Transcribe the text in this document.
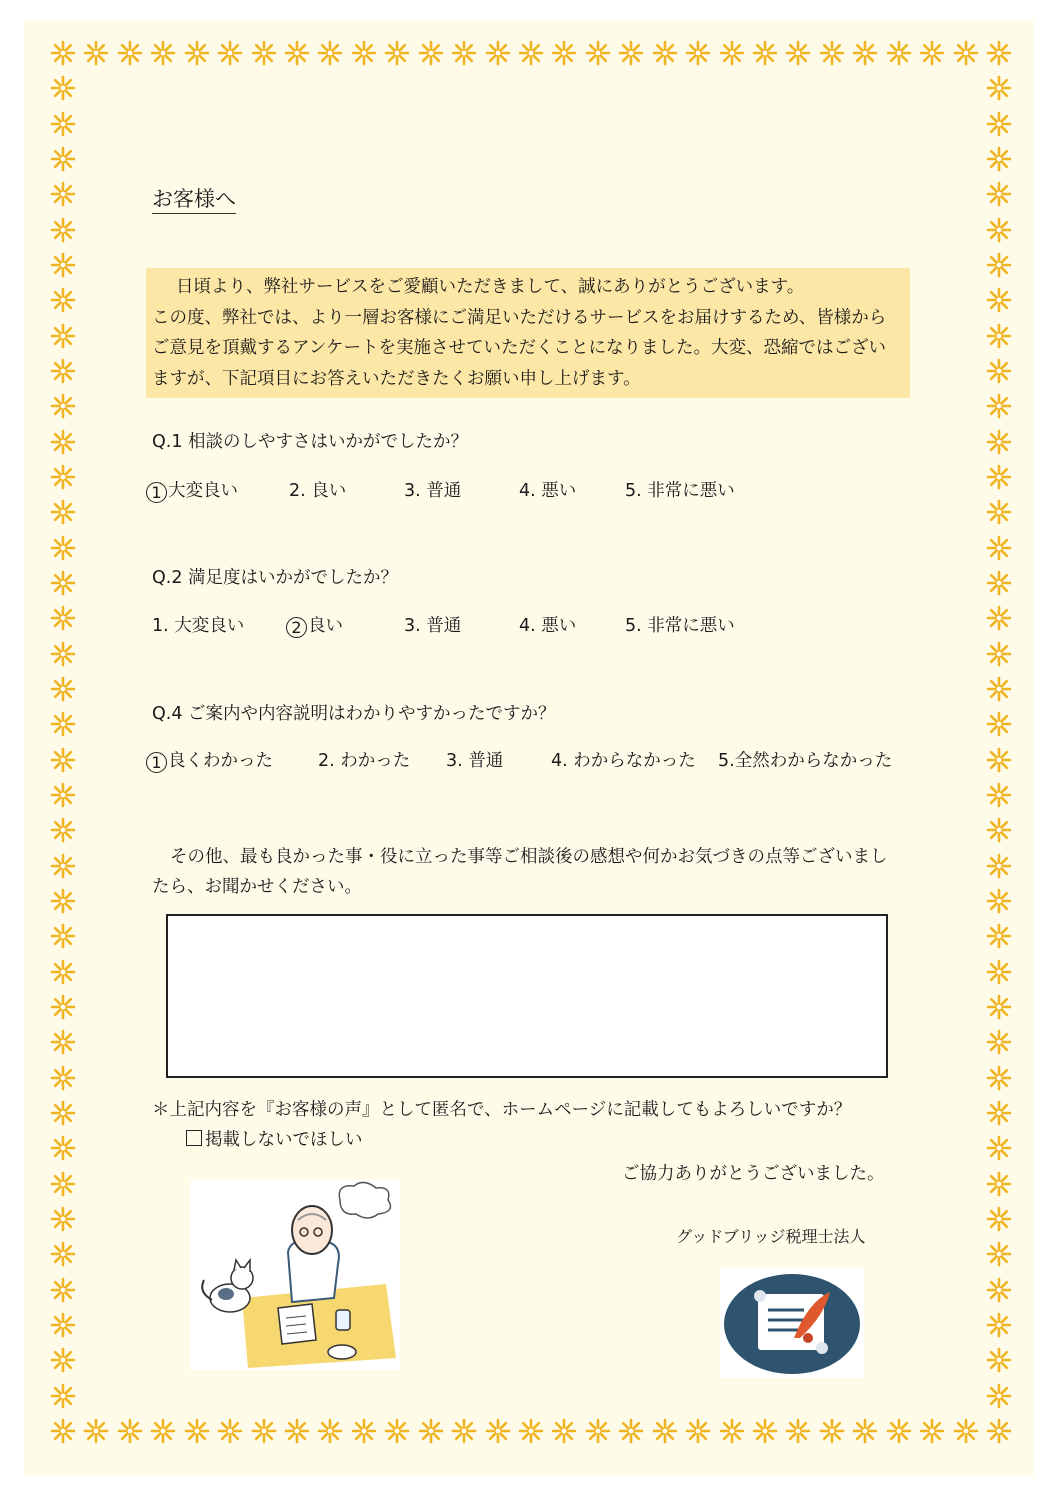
お客様へ
日頃より、弊社サービスをご愛顧いただきまして、誠にありがとうございます。
この度、弊社では、より一層お客様にご満足いただけるサービスをお届けするため、皆様から
ご意見を頂戴するアンケートを実施させていただくことになりました。大変、恐縮ではござい
ますが、下記項目にお答えいただきたくお願い申し上げます。
Q.1 相談のしやすさはいかがでしたか？
1 大変良い	2. 良い	3. 普通	4. 悪い	5. 非常に悪い
Q.2 満足度はいかがでしたか？
1. 大変良い	2 良い	3. 普通	4. 悪い	5. 非常に悪い
Q.4 ご案内や内容説明はわかりやすかったですか？
1 良くわかった	2. わかった 3. 普通	4. わからなかった 5.全然わからなかった
その他、最も良かった事・役に立った事等ご相談後の感想や何かお気づきの点等ございまし
たら、お聞かせください。
＊上記内容を『お客様の声』として匿名で、ホームページに記載してもよろしいですか？
掲載しないでほしい
ご協力ありがとうございました。
グッドブリッジ税理士法人
